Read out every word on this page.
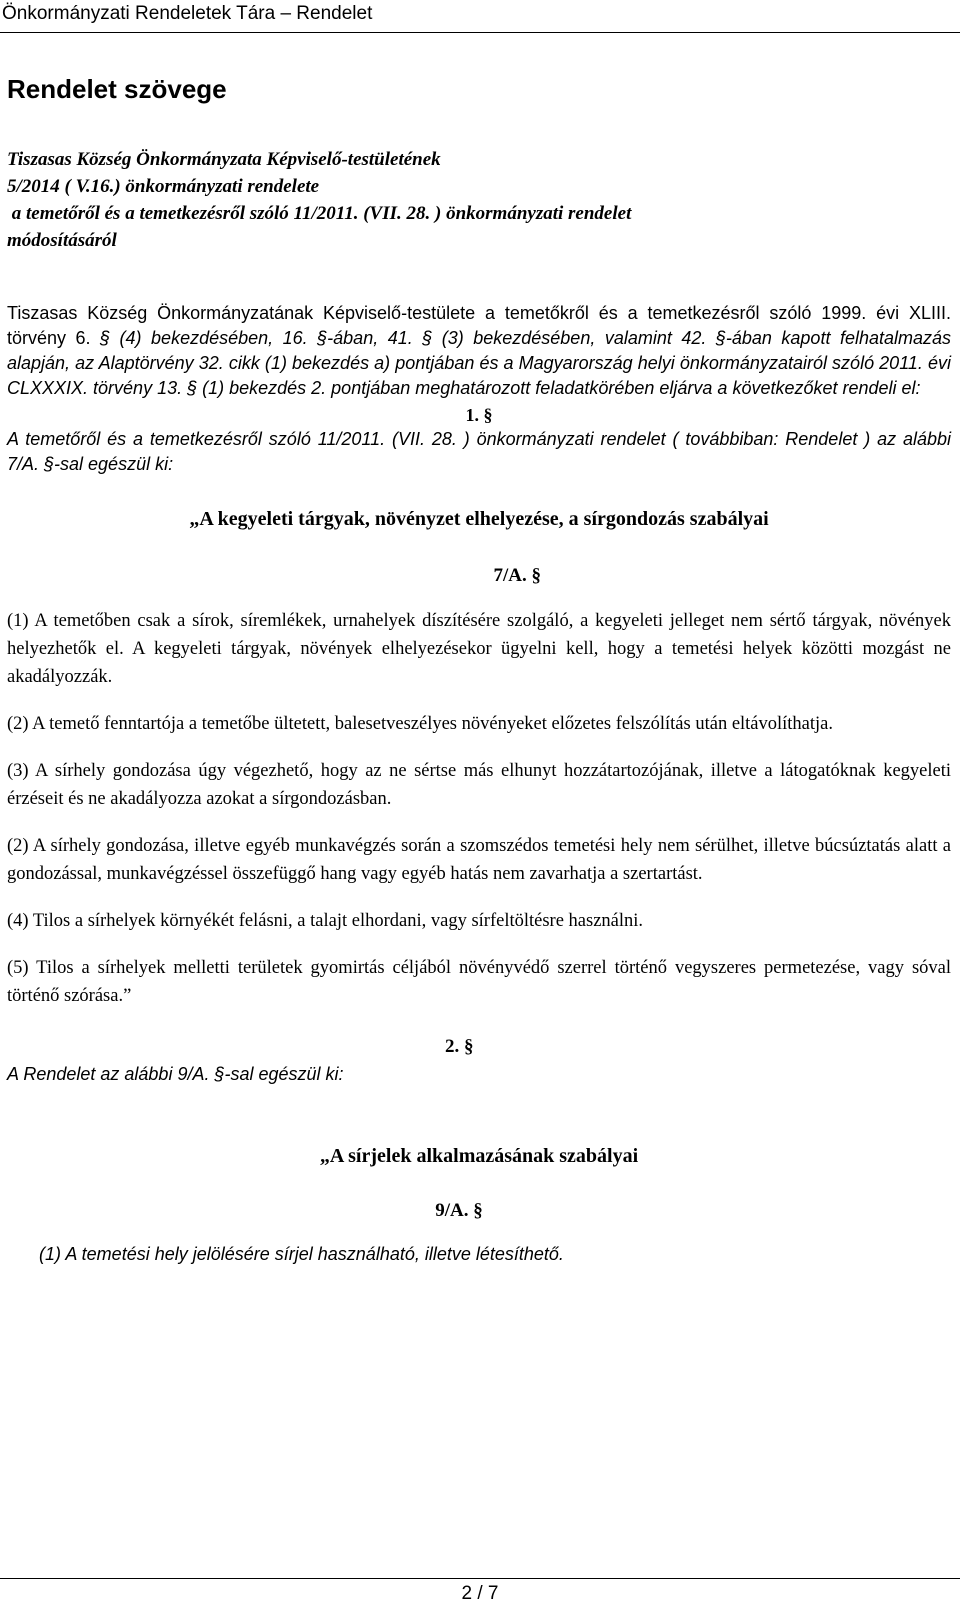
Önkormányzati Rendeletek Tára – Rendelet
Rendelet szövege
Tiszasas Község Önkormányzata Képviselő-testületének
5/2014 ( V.16.) önkormányzati rendelete
a temetőről és a temetkezésről szóló 11/2011. (VII. 28. ) önkormányzati rendelet
módosításáról
Tiszasas Község Önkormányzatának Képviselő-testülete a temetőkről és a temetkezésről szóló 1999. évi XLIII. törvény 6. § (4) bekezdésében, 16. §-ában, 41. § (3) bekezdésében, valamint 42. §-ában kapott felhatalmazás alapján, az Alaptörvény 32. cikk (1) bekezdés a) pontjában és a Magyarország helyi önkormányzatairól szóló 2011. évi CLXXXIX. törvény 13. § (1) bekezdés 2. pontjában meghatározott feladatkörében eljárva a következőket rendeli el:
1. §
A temetőről és a temetkezésről szóló 11/2011. (VII. 28. ) önkormányzati rendelet ( továbbiban: Rendelet ) az alábbi 7/A. §-sal egészül ki:
„A kegyeleti tárgyak, növényzet elhelyezése, a sírgondozás szabályai
7/A. §
(1) A temetőben csak a sírok, síremlékek, urnahelyek díszítésére szolgáló, a kegyeleti jelleget nem sértő tárgyak, növények helyezhetők el. A kegyeleti tárgyak, növények elhelyezésekor ügyelni kell, hogy a temetési helyek közötti mozgást ne akadályozzák.
(2) A temető fenntartója a temetőbe ültetett, balesetveszélyes növényeket előzetes felszólítás után eltávolíthatja.
(3) A sírhely gondozása úgy végezhető, hogy az ne sértse más elhunyt hozzátartozójának, illetve a látogatóknak kegyeleti érzéseit és ne akadályozza azokat a sírgondozásban.
(2) A sírhely gondozása, illetve egyéb munkavégzés során a szomszédos temetési hely nem sérülhet, illetve búcsúztatás alatt a gondozással, munkavégzéssel összefüggő hang vagy egyéb hatás nem zavarhatja a szertartást.
(4) Tilos a sírhelyek környékét felásni, a talajt elhordani, vagy sírfeltöltésre használni.
(5) Tilos a sírhelyek melletti területek gyomirtás céljából növényvédő szerrel történő vegyszeres permetezése, vagy sóval történő szórása.”
2. §
A Rendelet az alábbi 9/A. §-sal egészül ki:
„A sírjelek alkalmazásának szabályai
9/A. §
(1) A temetési hely jelölésére sírjel használható, illetve létesíthető.
2 / 7
